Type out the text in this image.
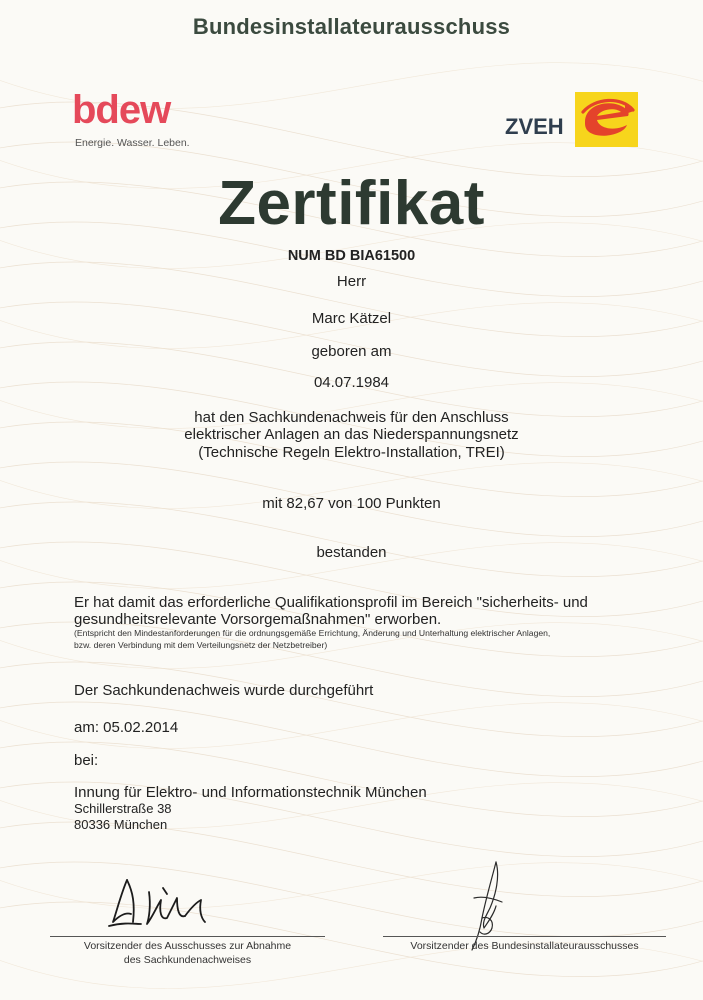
Bundesinstallateurausschuss
bdew
Energie. Wasser. Leben.
ZVEH
Zertifikat
NUM BD BIA61500
Herr
Marc Kätzel
geboren am
04.07.1984
hat den Sachkundenachweis für den Anschluss
elektrischer Anlagen an das Niederspannungsnetz
(Technische Regeln Elektro-Installation, TREI)
mit 82,67 von 100 Punkten
bestanden
Er hat damit das erforderliche Qualifikationsprofil im Bereich "sicherheits- und
gesundheitsrelevante Vorsorgemaßnahmen" erworben.
(Entspricht den Mindestanforderungen für die ordnungsgemäße Errichtung, Änderung und Unterhaltung elektrischer Anlagen,
bzw. deren Verbindung mit dem Verteilungsnetz der Netzbetreiber)
Der Sachkundenachweis wurde durchgeführt
am: 05.02.2014
bei:
Innung für Elektro- und Informationstechnik München
Schillerstraße 38
80336 München
Vorsitzender des Ausschusses zur Abnahme
des Sachkundenachweises
Vorsitzender des Bundesinstallateurausschusses
